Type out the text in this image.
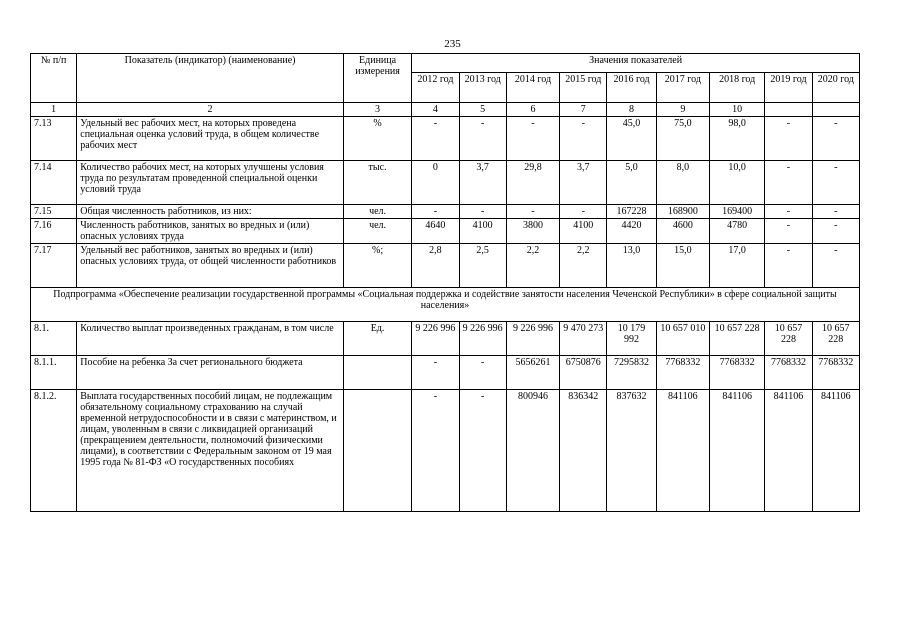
235
№ п/п	Показатель (индикатор) (наименование)	Единица измерения	Значения показателей								
			2012 год	2013 год	2014 год	2015 год	2016 год	2017 год	2018 год	2019 год	2020 год
1	2	3	4	5	6	7	8	9	10		
7.13	Удельный вес рабочих мест, на которых проведена специальная оценка условий труда, в общем количестве рабочих мест	%	-	-	-	-	45,0	75,0	98,0	-	-
7.14	Количество рабочих мест, на которых улучшены условия труда по результатам проведенной специальной оценки условий труда	тыс.	0	3,7	29,8	3,7	5,0	8,0	10,0	-	-
7.15	Общая численность работников, из них:	чел.	-	-	-	-	167228	168900	169400	-	-
7.16	Численность работников, занятых во вредных и (или) опасных условиях труда	чел.	4640	4100	3800	4100	4420	4600	4780	-	-
7.17	Удельный вес работников, занятых во вредных и (или) опасных условиях труда, от общей численности работников	%;	2,8	2,5	2,2	2,2	13,0	15,0	17,0	-	-
Подпрограмма «Обеспечение реализации государственной программы «Социальная поддержка и содействие занятости населения Чеченской Республики» в сфере социальной защиты населения»											
8.1.	Количество выплат произведенных гражданам, в том числе	Ед.	9 226 996	9 226 996	9 226 996	9 470 273	10 179 992	10 657 010	10 657 228	10 657 228	10 657 228
8.1.1.	Пособие на ребенка За счет регионального бюджета		-	-	5656261	6750876	7295832	7768332	7768332	7768332	7768332
8.1.2.	Выплата государственных пособий лицам, не подлежащим обязательному социальному страхованию на случай временной нетрудоспособности и в связи с материнством, и лицам, уволенным в связи с ликвидацией организаций (прекращением деятельности, полномочий физическими лицами), в соответствии с Федеральным законом от 19 мая 1995 года № 81-ФЗ «О государственных пособиях		-	-	800946	836342	837632	841106	841106	841106	841106
